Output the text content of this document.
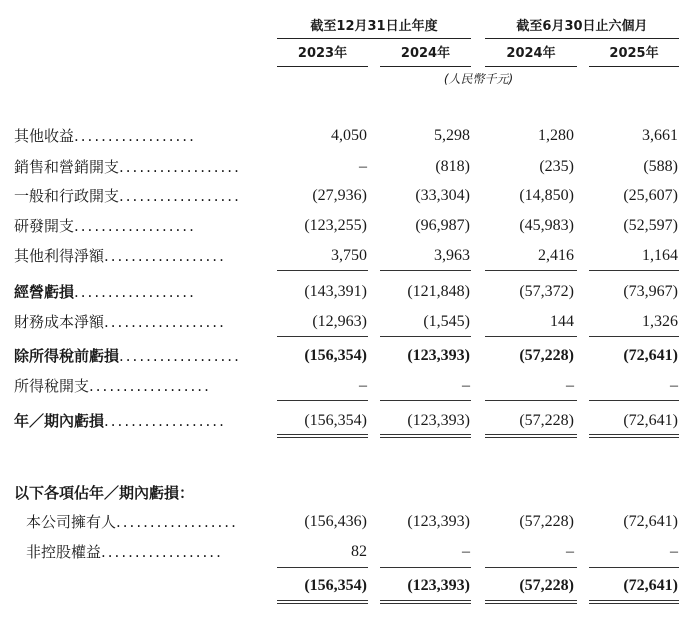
截至12月31日止年度	截至6月30日止六個月
2023年	2024年	2024年	2025年
(人民幣千元)
其他收益..................	4,050	5,298	1,280	3,661
銷售和營銷開支..................	–	(818)	(235)	(588)
一般和行政開支..................	(27,936)	(33,304)	(14,850)	(25,607)
研發開支..................	(123,255)	(96,987)	(45,983)	(52,597)
其他利得淨額..................	3,750	3,963	2,416	1,164
經營虧損..................	(143,391)	(121,848)	(57,372)	(73,967)
財務成本淨額..................	(12,963)	(1,545)	144	1,326
除所得稅前虧損..................	(156,354)	(123,393)	(57,228)	(72,641)
所得稅開支..................	–	–	–	–
年／期內虧損..................	(156,354)	(123,393)	(57,228)	(72,641)
以下各項佔年／期內虧損：
本公司擁有人..................	(156,436)	(123,393)	(57,228)	(72,641)
非控股權益..................	82	–	–	–
(156,354)	(123,393)	(57,228)	(72,641)
